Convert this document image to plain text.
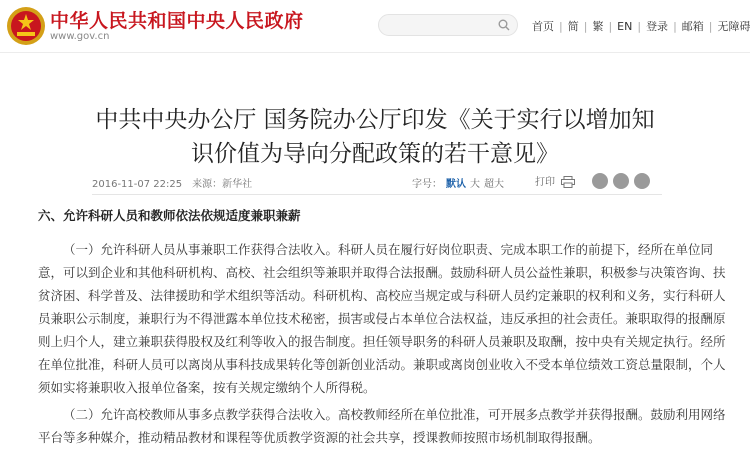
中华人民共和国中央人民政府
www.gov.cn
首页 | 简 | 繁 | EN | 登录 | 邮箱 | 无障碍
中共中央办公厅 国务院办公厅印发《关于实行以增加知
识价值为导向分配政策的若干意见》
2016-11-07 22:25 来源：新华社	字号： 默认 大 超大	打印
六、允许科研人员和教师依法依规适度兼职兼薪

（一）允许科研人员从事兼职工作获得合法收入。科研人员在履行好岗位职责、完成本职工作的前提下，经所在单位同意，可以到企业和其他科研机构、高校、社会组织等兼职并取得合法报酬。鼓励科研人员公益性兼职，积极参与决策咨询、扶贫济困、科学普及、法律援助和学术组织等活动。科研机构、高校应当规定或与科研人员约定兼职的权利和义务，实行科研人员兼职公示制度，兼职行为不得泄露本单位技术秘密，损害或侵占本单位合法权益，违反承担的社会责任。兼职取得的报酬原则上归个人，建立兼职获得股权及红利等收入的报告制度。担任领导职务的科研人员兼职及取酬，按中央有关规定执行。经所在单位批准，科研人员可以离岗从事科技成果转化等创新创业活动。兼职或离岗创业收入不受本单位绩效工资总量限制，个人须如实将兼职收入报单位备案，按有关规定缴纳个人所得税。

（二）允许高校教师从事多点教学获得合法收入。高校教师经所在单位批准，可开展多点教学并获得报酬。鼓励利用网络平台等多种媒介，推动精品教材和课程等优质教学资源的社会共享，授课教师按照市场机制取得报酬。
